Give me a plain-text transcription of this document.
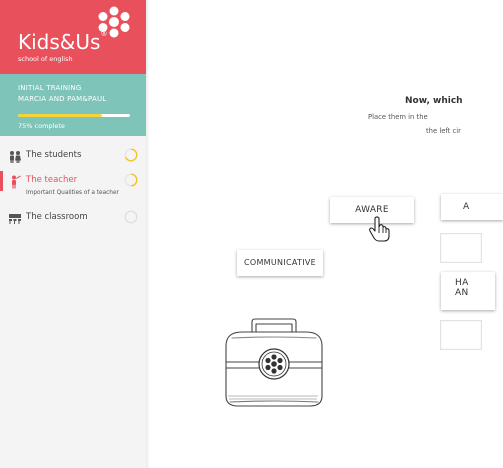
Kids&Us®
school of english
INITIAL TRAINING
MARCIA AND PAM&PAUL
75% complete
The students
The teacher
Important Qualities of a teacher
The classroom
Now, which
Place them in the
the left cir
AWARE
COMMUNICATIVE
A
HA
AN
